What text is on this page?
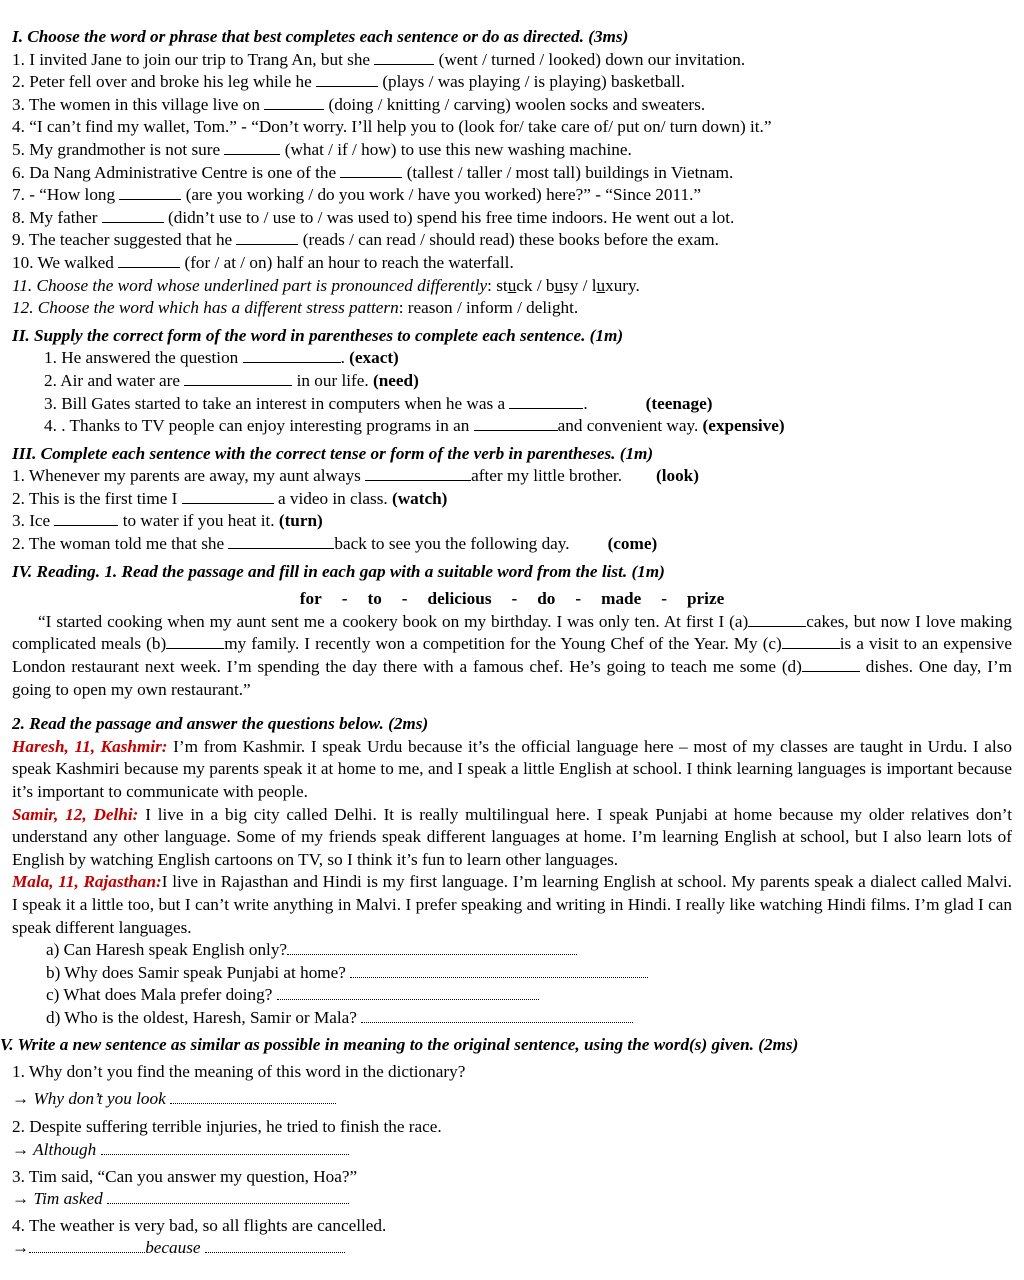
I. Choose the word or phrase that best completes each sentence or do as directed. (3ms)

1. I invited Jane to join our trip to Trang An, but she	(went / turned / looked) down our invitation.

2. Peter fell over and broke his leg while he	(plays / was playing / is playing) basketball.

3. The women in this village live on	(doing / knitting / carving) woolen socks and sweaters.

4. “I can’t find my wallet, Tom.” - “Don’t worry. I’ll help you to (look for/ take care of/ put on/ turn down) it.”

5. My grandmother is not sure	(what / if / how) to use this new washing machine.

6. Da Nang Administrative Centre is one of the	(tallest / taller / most tall) buildings in Vietnam.

7. - “How long	(are you working / do you work / have you worked) here?” - “Since 2011.”

8. My father	(didn’t use to / use to / was used to) spend his free time indoors. He went out a lot.

9. The teacher suggested that he	(reads / can read / should read) these books before the exam.

10. We walked	(for / at / on) half an hour to reach the waterfall.

11. Choose the word whose underlined part is pronounced differently: stuck / busy / luxury.

12. Choose the word which has a different stress pattern: reason / inform / delight.

II. Supply the correct form of the word in parentheses to complete each sentence. (1m)

1. He answered the question	. (exact)

2. Air and water are	in our life. (need)

3. Bill Gates started to take an interest in computers when he was a	.	(teenage)

4. . Thanks to TV people can enjoy interesting programs in an	and convenient way. (expensive)

III. Complete each sentence with the correct tense or form of the verb in parentheses. (1m)

1. Whenever my parents are away, my aunt always	after my little brother. (look)

2. This is the first time I	a video in class. (watch)

3. Ice	to water if you heat it. (turn)

2. The woman told me that she	back to see you the following day. (come)

IV. Reading. 1. Read the passage and fill in each gap with a suitable word from the list. (1m)

for - to - delicious - do - made - prize

“I started cooking when my aunt sent me a cookery book on my birthday. I was only ten. At first I (a)	cakes, but now I love making complicated meals (b)	my family. I recently won a competition for the Young Chef of the Year. My (c)	is a visit to an expensive London restaurant next week. I’m spending the day there with a famous chef. He’s going to teach me some (d)	dishes. One day, I’m going to open my own restaurant.”

2. Read the passage and answer the questions below. (2ms)

Haresh, 11, Kashmir: I’m from Kashmir. I speak Urdu because it’s the official language here – most of my classes are taught in Urdu. I also speak Kashmiri because my parents speak it at home to me, and I speak a little English at school. I think learning languages is important because it’s important to communicate with people.

Samir, 12, Delhi: I live in a big city called Delhi. It is really multilingual here. I speak Punjabi at home because my older relatives don’t understand any other language. Some of my friends speak different languages at home. I’m learning English at school, but I also learn lots of English by watching English cartoons on TV, so I think it’s fun to learn other languages.

Mala, 11, Rajasthan:I live in Rajasthan and Hindi is my first language. I’m learning English at school. My parents speak a dialect called Malvi. I speak it a little too, but I can’t write anything in Malvi. I prefer speaking and writing in Hindi. I really like watching Hindi films. I’m glad I can speak different languages.

a) Can Haresh speak English only?

b) Why does Samir speak Punjabi at home?

c) What does Mala prefer doing?

d) Who is the oldest, Haresh, Samir or Mala?

V. Write a new sentence as similar as possible in meaning to the original sentence, using the word(s) given. (2ms)

1. Why don’t you find the meaning of this word in the dictionary?

→ Why don’t you look

2. Despite suffering terrible injuries, he tried to finish the race.

→ Although

3. Tim said, “Can you answer my question, Hoa?”

→ Tim asked

4. The weather is very bad, so all flights are cancelled.

→	because
